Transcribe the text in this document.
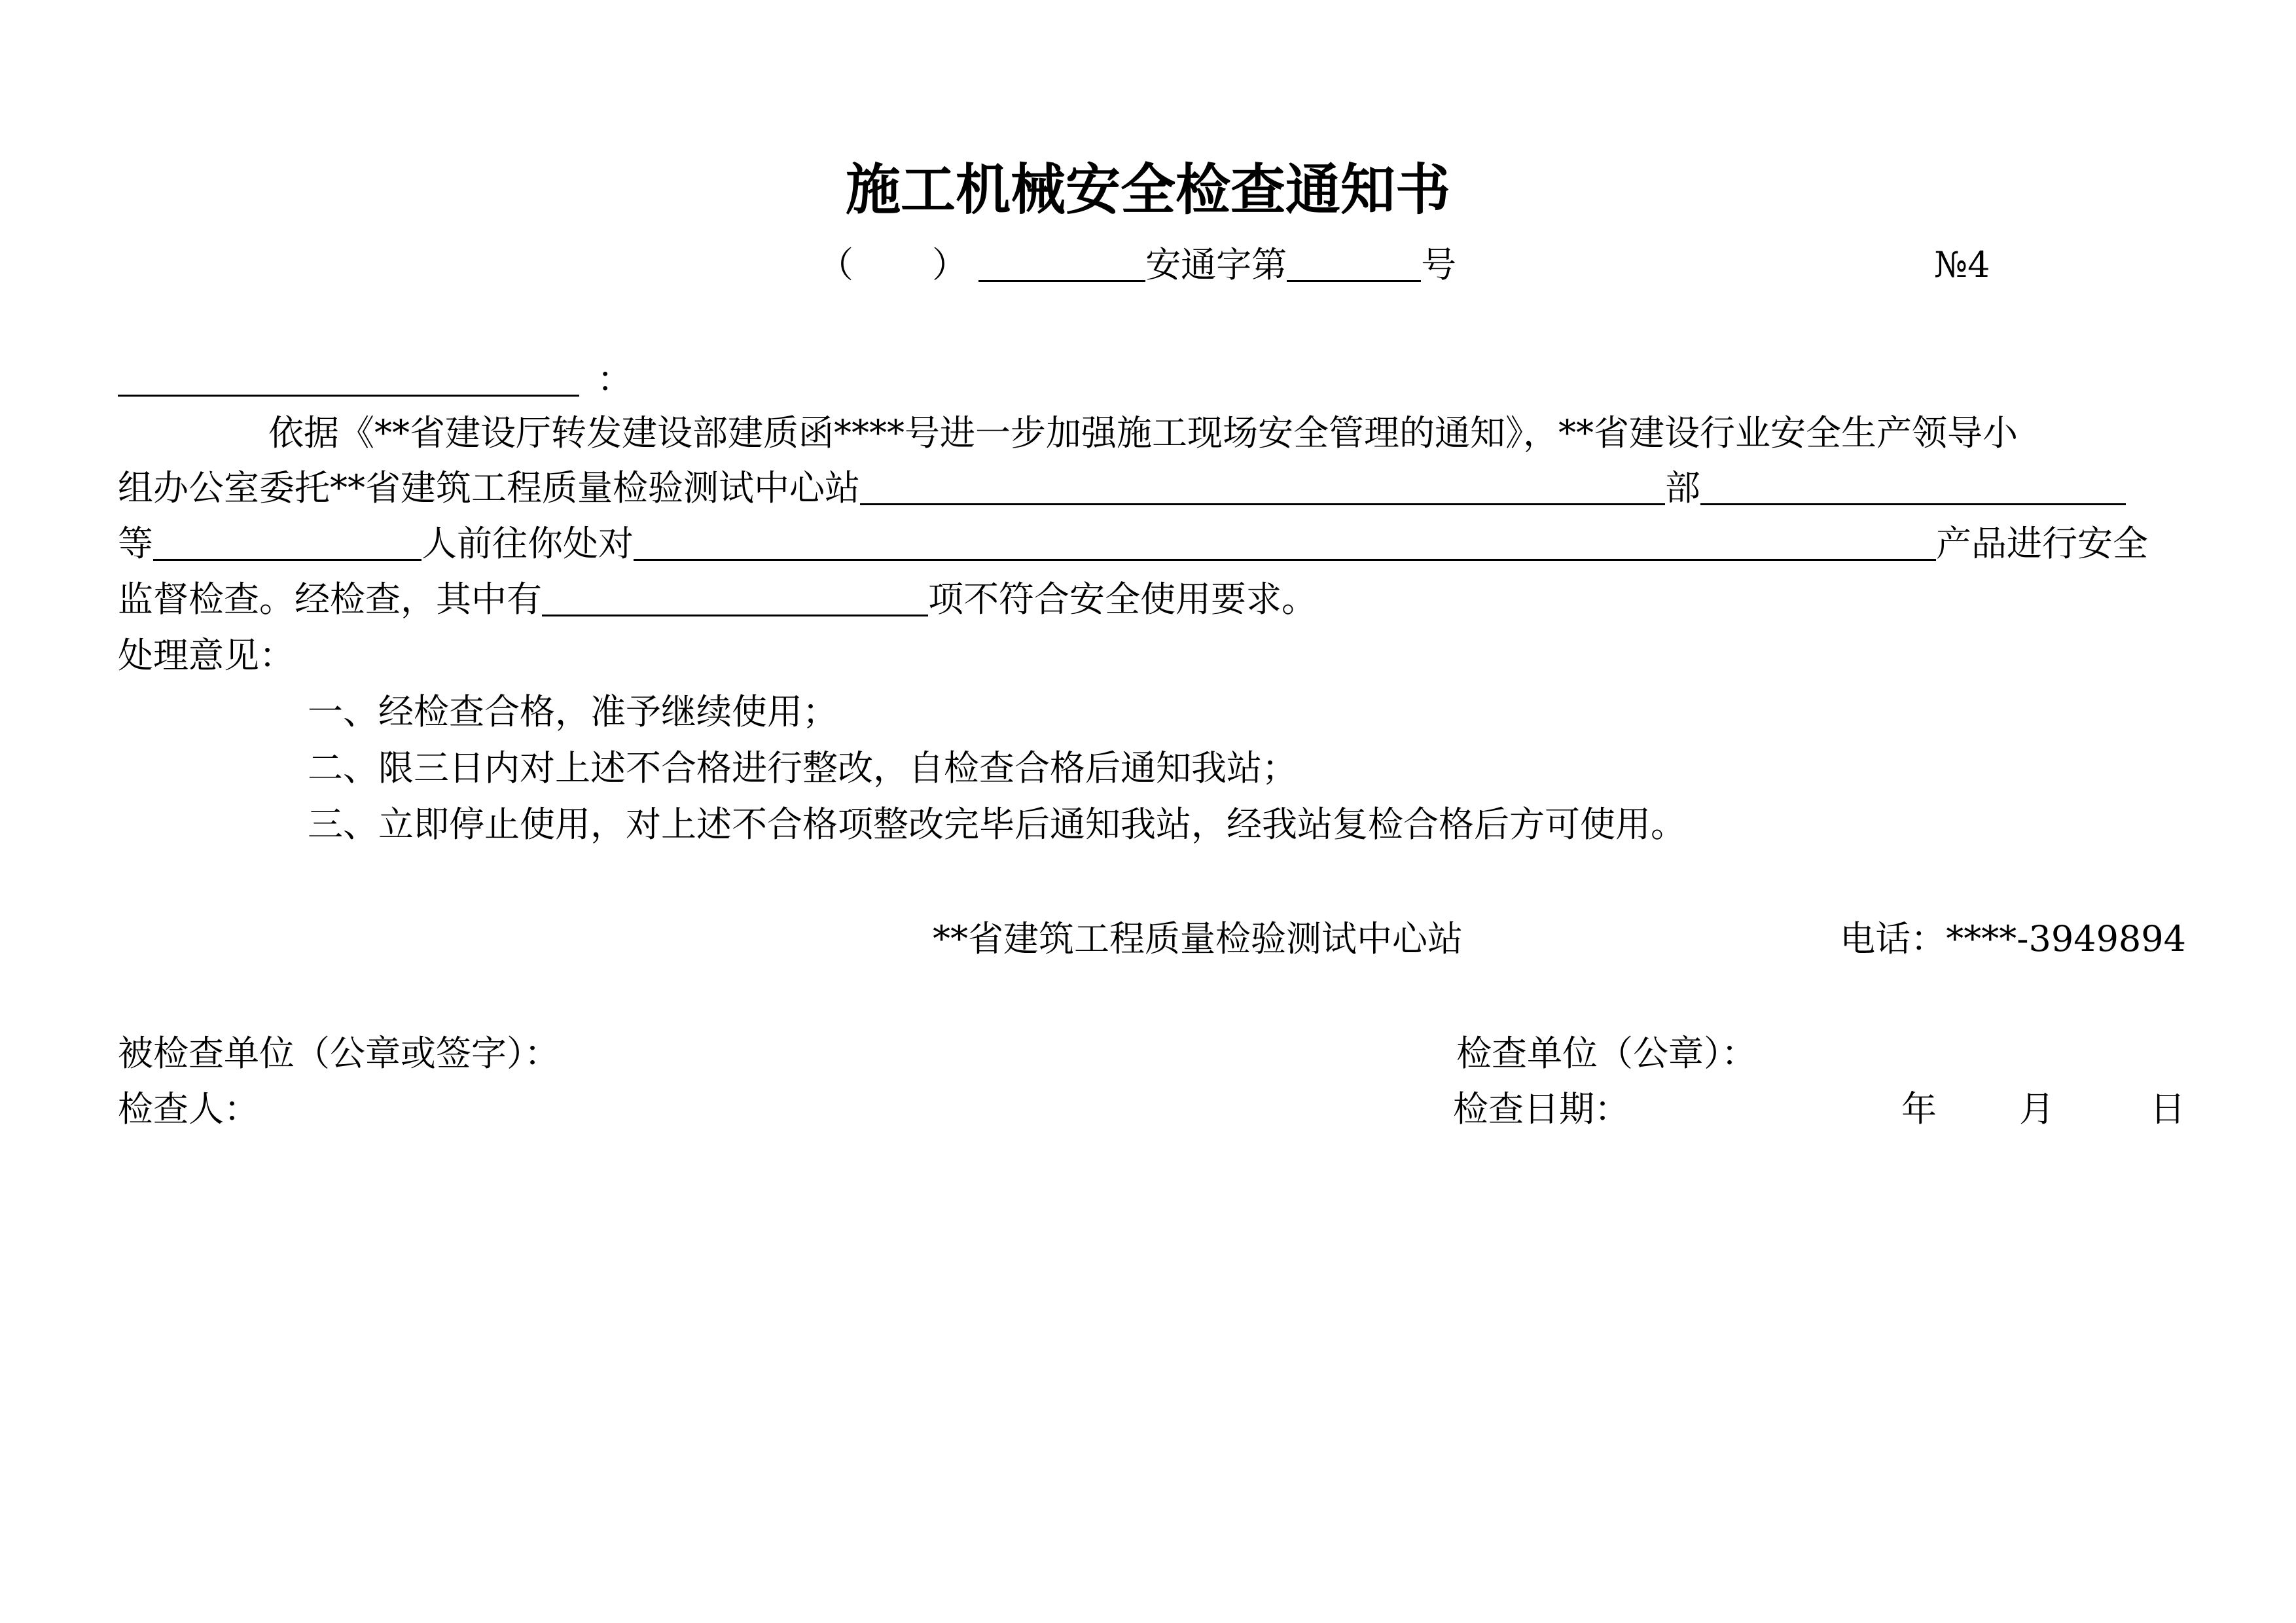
施工机械安全检查通知书
（ ）	安通字第	号	№4
：
依据《**省建设厅转发建设部建质函****号进一步加强施工现场安全管理的通知》，**省建设行业安全生产领导小
组办公室委托**省建筑工程质量检验测试中心站	部
等	人前往你处对	产品进行安全
监督检查。经检查，其中有	项不符合安全使用要求。
处理意见：
一、经检查合格，准予继续使用；
二、限三日内对上述不合格进行整改，自检查合格后通知我站；
三、立即停止使用，对上述不合格项整改完毕后通知我站，经我站复检合格后方可使用。
**省建筑工程质量检验测试中心站	电话：****-3949894
被检查单位（公章或签字）：	检查单位（公章）：
检查人：	检查日期：	年 月	日
